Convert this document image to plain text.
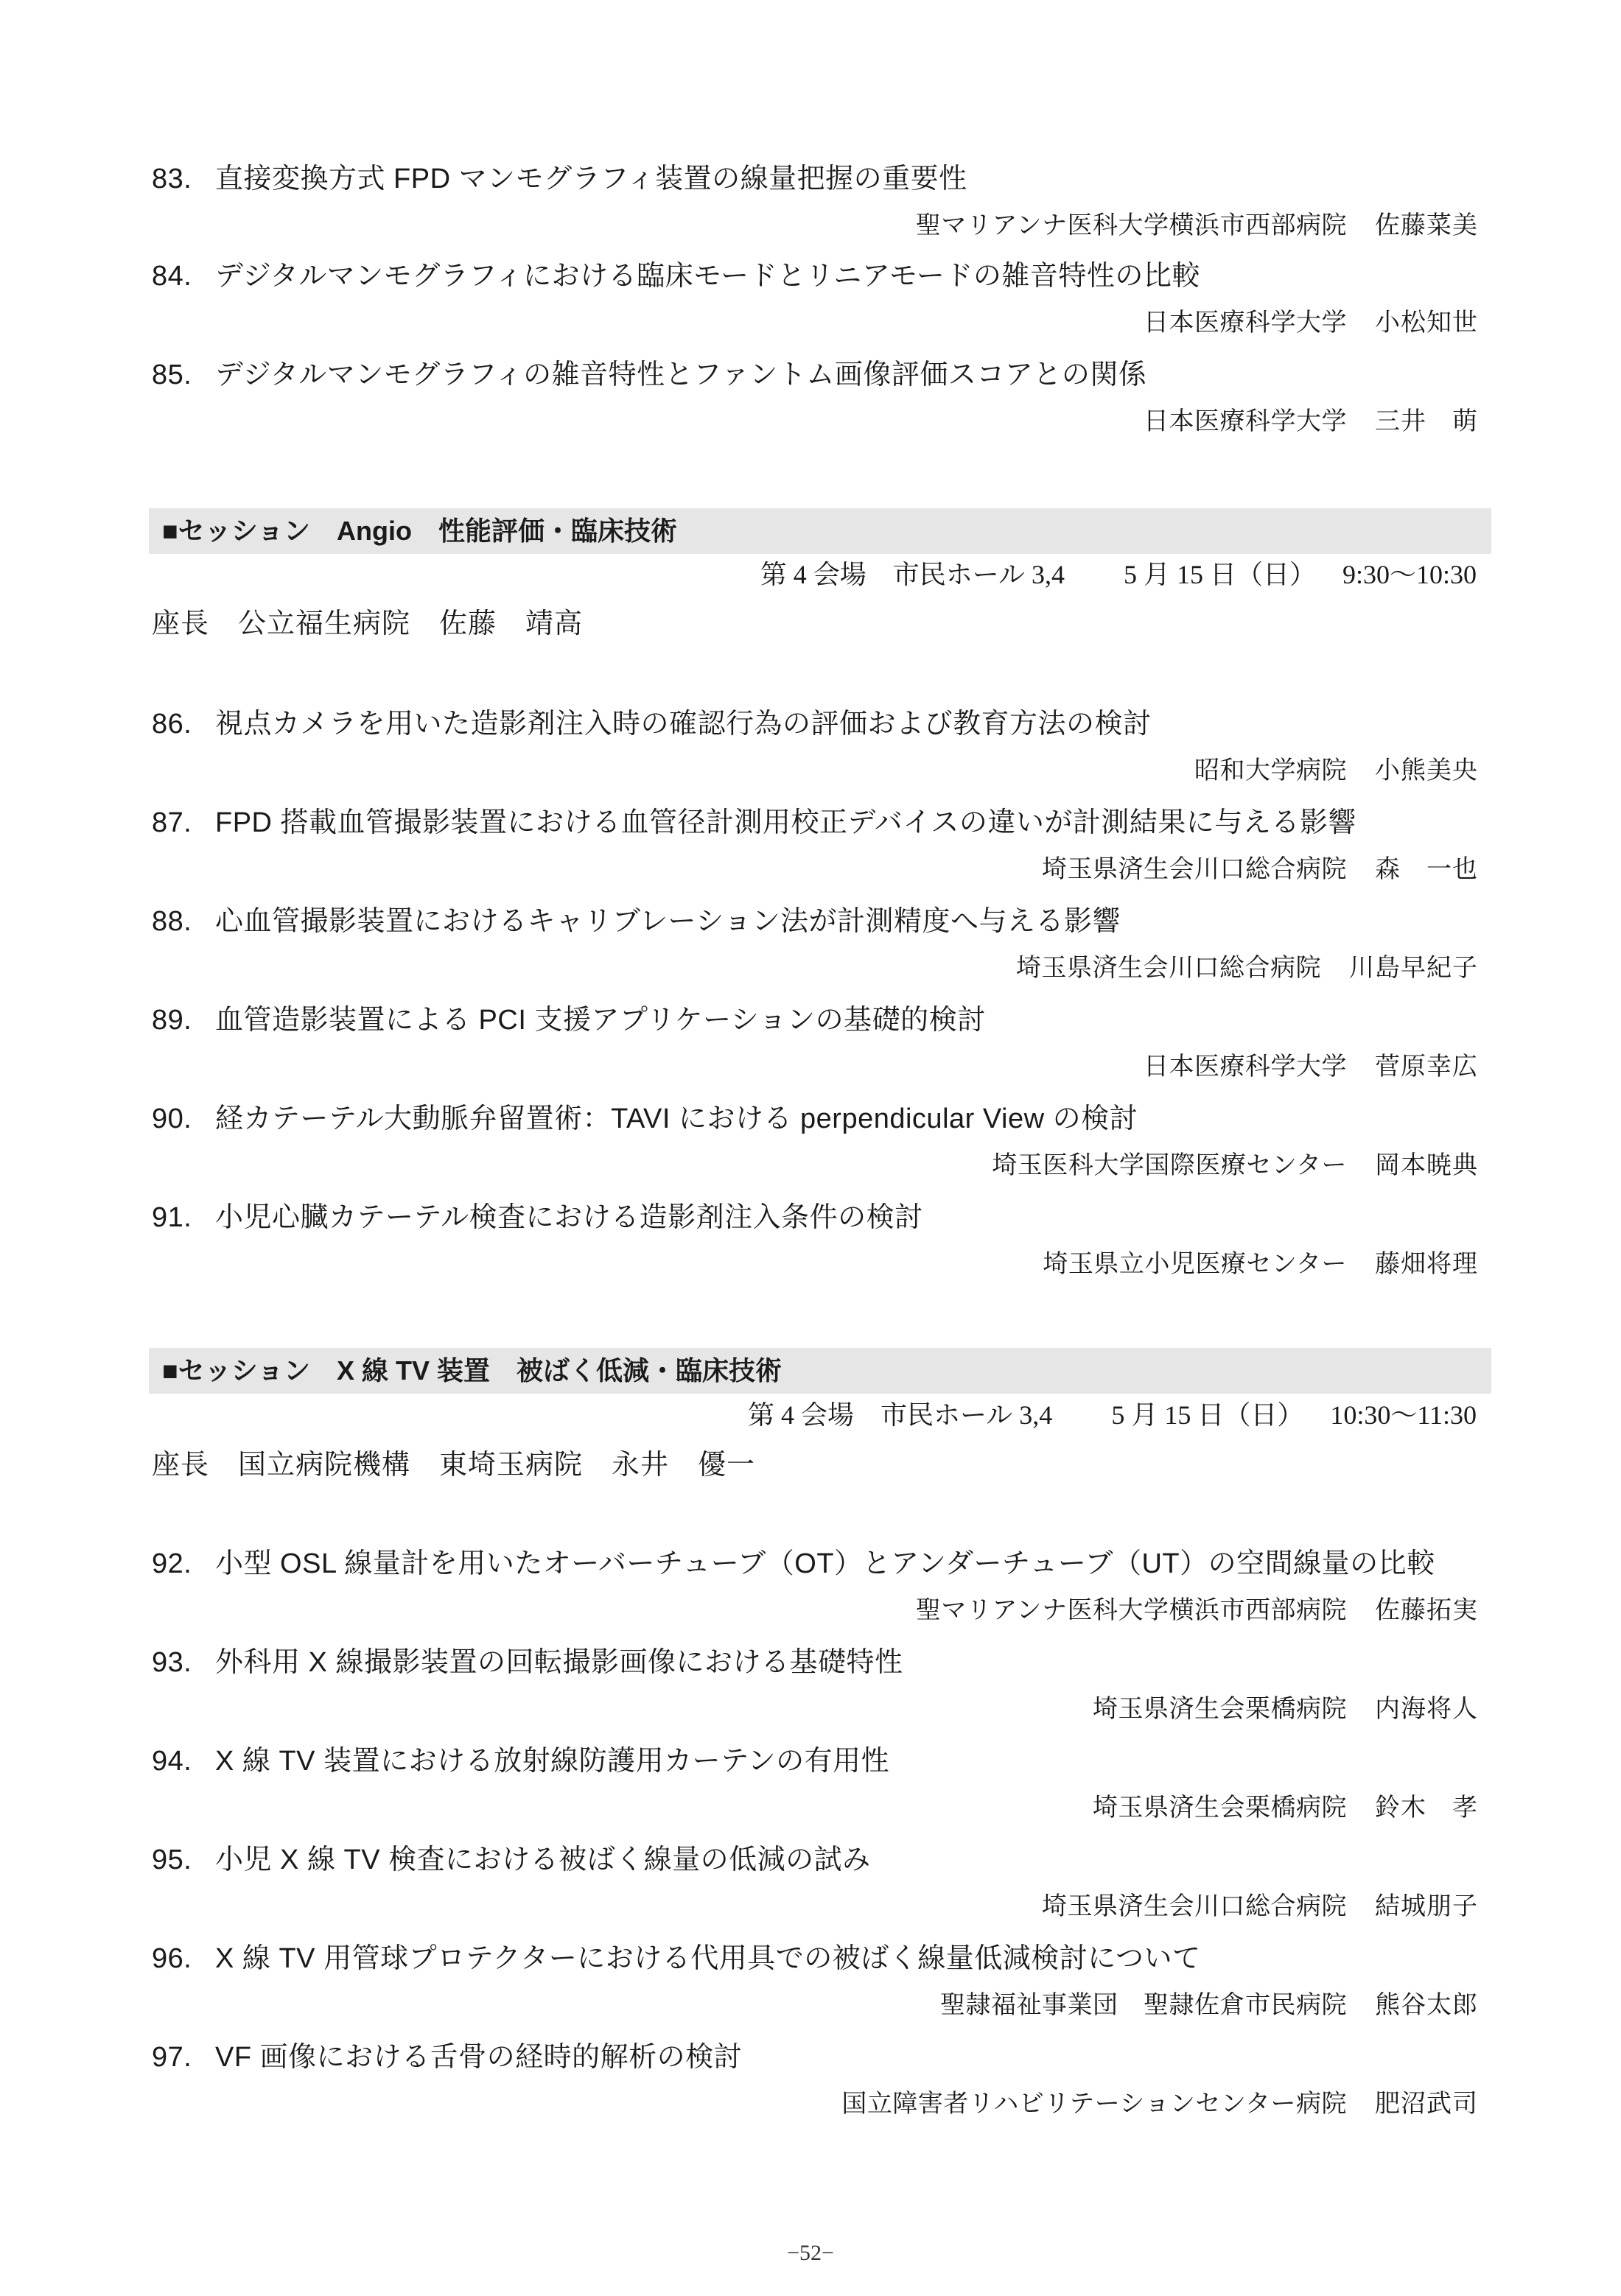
83. 直接変換方式 FPD マンモグラフィ装置の線量把握の重要性
聖マリアンナ医科大学横浜市西部病院 佐藤菜美
84. デジタルマンモグラフィにおける臨床モードとリニアモードの雑音特性の比較
日本医療科学大学 小松知世
85. デジタルマンモグラフィの雑音特性とファントム画像評価スコアとの関係
日本医療科学大学 三井　萌
■セッション　Angio　性能評価・臨床技術
第 4 会場　市民ホール 3,4 5 月 15 日（日） 9:30〜10:30
座長　公立福生病院　佐藤　靖高
86. 視点カメラを用いた造影剤注入時の確認行為の評価および教育方法の検討
昭和大学病院 小熊美央
87. FPD 搭載血管撮影装置における血管径計測用校正デバイスの違いが計測結果に与える影響
埼玉県済生会川口総合病院 森　一也
88. 心血管撮影装置におけるキャリブレーション法が計測精度へ与える影響
埼玉県済生会川口総合病院 川島早紀子
89. 血管造影装置による PCI 支援アプリケーションの基礎的検討
日本医療科学大学 菅原幸広
90. 経カテーテル大動脈弁留置術：TAVI における perpendicular View の検討
埼玉医科大学国際医療センター 岡本暁典
91. 小児心臓カテーテル検査における造影剤注入条件の検討
埼玉県立小児医療センター 藤畑将理
■セッション　X 線 TV 装置　被ばく低減・臨床技術
第 4 会場　市民ホール 3,4 5 月 15 日（日） 10:30〜11:30
座長　国立病院機構　東埼玉病院　永井　優一
92. 小型 OSL 線量計を用いたオーバーチューブ（OT）とアンダーチューブ（UT）の空間線量の比較
聖マリアンナ医科大学横浜市西部病院 佐藤拓実
93. 外科用 X 線撮影装置の回転撮影画像における基礎特性
埼玉県済生会栗橋病院 内海将人
94. X 線 TV 装置における放射線防護用カーテンの有用性
埼玉県済生会栗橋病院 鈴木　孝
95. 小児 X 線 TV 検査における被ばく線量の低減の試み
埼玉県済生会川口総合病院 結城朋子
96. X 線 TV 用管球プロテクターにおける代用具での被ばく線量低減検討について
聖隷福祉事業団　聖隷佐倉市民病院 熊谷太郎
97. VF 画像における舌骨の経時的解析の検討
国立障害者リハビリテーションセンター病院 肥沼武司
−52−
